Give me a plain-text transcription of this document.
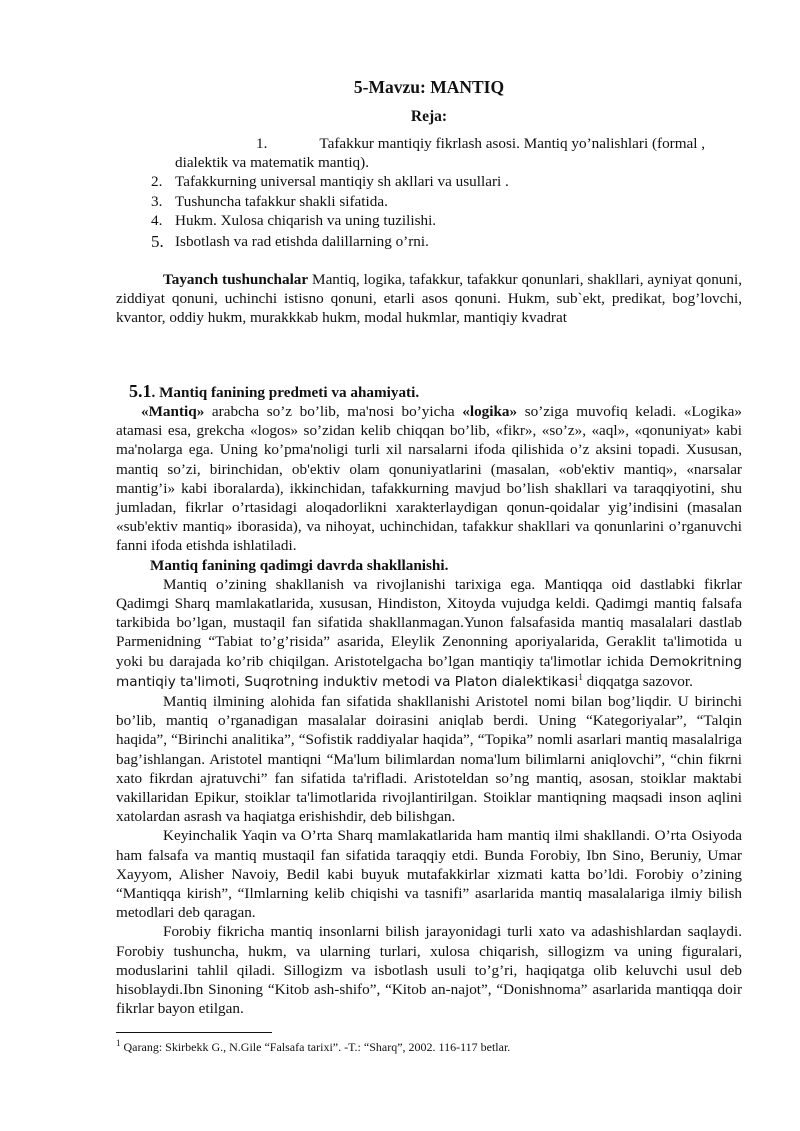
5-Mavzu: MANTIQ
Reja:
1.	Tafakkur mantiqiy fikrlash asosi. Mantiq yo’nalishlari (formal , dialektik va matematik mantiq).
2. Tafakkurning universal mantiqiy sh akllari va usullari .
3. Tushuncha tafakkur shakli sifatida.
4. Hukm. Xulosa chiqarish va uning tuzilishi.
5. Isbotlash va rad etishda dalillarning o’rni.
Tayanch tushunchalar Mantiq, logika, tafakkur, tafakkur qonunlari, shakllari, ayniyat qonuni, ziddiyat qonuni, uchinchi istisno qonuni, etarli asos qonuni. Hukm, sub`ekt, predikat, bog’lovchi, kvantor, oddiy hukm, murakkkab hukm, modal hukmlar, mantiqiy kvadrat
5.1. Mantiq fanining predmeti va ahamiyati.

«Mantiq» arabcha so’z bo’lib, ma'nosi bo’yicha «logika» so’ziga muvofiq keladi. «Logika» atamasi esa, grekcha «logos» so’zidan kelib chiqqan bo’lib, «fikr», «so’z», «aql», «qonuniyat» kabi ma'nolarga ega. Uning ko’pma'noligi turli xil narsalarni ifoda qilishida o’z aksini topadi. Xususan, mantiq so’zi, birinchidan, ob'ektiv olam qonuniyatlarini (masalan, «ob'ektiv mantiq», «narsalar mantig’i» kabi iboralarda), ikkinchidan, tafakkurning mavjud bo’lish shakllari va taraqqiyotini, shu jumladan, fikrlar o’rtasidagi aloqadorlikni xarakterlaydigan qonun-qoidalar yig’indisini (masalan «sub'ektiv mantiq» iborasida), va nihoyat, uchinchidan, tafakkur shakllari va qonunlarini o’rganuvchi fanni ifoda etishda ishlatiladi.

Mantiq fanining qadimgi davrda shakllanishi.

Mantiq o’zining shakllanish va rivojlanishi tarixiga ega. Mantiqqa oid dastlabki fikrlar Qadimgi Sharq mamlakatlarida, xususan, Hindiston, Xitoyda vujudga keldi. Qadimgi mantiq falsafa tarkibida bo’lgan, mustaqil fan sifatida shakllanmagan.Yunon falsafasida mantiq masalalari dastlab Parmenidning “Tabiat to’g’risida” asarida, Eleylik Zenonning aporiyalarida, Geraklit ta'limotida u yoki bu darajada ko’rib chiqilgan. Aristotelgacha bo’lgan mantiqiy ta'limotlar ichida Demokritning mantiqiy ta'limoti, Suqrotning induktiv metodi va Platon dialektikasi$^1$ diqqatga sazovor.

Mantiq ilmining alohida fan sifatida shakllanishi Aristotel nomi bilan bog’liqdir. U birinchi bo’lib, mantiq o’rganadigan masalalar doirasini aniqlab berdi. Uning “Kategoriyalar”, “Talqin haqida”, “Birinchi analitika”, “Sofistik raddiyalar haqida”, “Topika” nomli asarlari mantiq masalalriga bag’ishlangan. Aristotel mantiqni “Ma'lum bilimlardan noma'lum bilimlarni aniqlovchi”, “chin fikrni xato fikrdan ajratuvchi” fan sifatida ta'rifladi. Aristoteldan so’ng mantiq, asosan, stoiklar maktabi vakillaridan Epikur, stoiklar ta'limotlarida rivojlantirilgan. Stoiklar mantiqning maqsadi inson aqlini xatolardan asrash va haqiatga erishishdir, deb bilishgan.

Keyinchalik Yaqin va O’rta Sharq mamlakatlarida ham mantiq ilmi shakllandi. O’rta Osiyoda ham falsafa va mantiq mustaqil fan sifatida taraqqiy etdi. Bunda Forobiy, Ibn Sino, Beruniy, Umar Xayyom, Alisher Navoiy, Bedil kabi buyuk mutafakkirlar xizmati katta bo’ldi. Forobiy o’zining “Mantiqqa kirish”, “Ilmlarning kelib chiqishi va tasnifi” asarlarida mantiq masalalariga ilmiy bilish metodlari deb qaragan.

Forobiy fikricha mantiq insonlarni bilish jarayonidagi turli xato va adashishlardan saqlaydi. Forobiy tushuncha, hukm, va ularning turlari, xulosa chiqarish, sillogizm va uning figuralari, moduslarini tahlil qiladi. Sillogizm va isbotlash usuli to’g’ri, haqiqatga olib keluvchi usul deb hisoblaydi.Ibn Sinoning “Kitob ash-shifo”, “Kitob an-najot”, “Donishnoma” asarlarida mantiqqa doir fikrlar bayon etilgan.

$^1$ Qarang: Skirbekk G., N.Gile “Falsafa tarixi”. -T.: “Sharq”, 2002. 116-117 betlar.
